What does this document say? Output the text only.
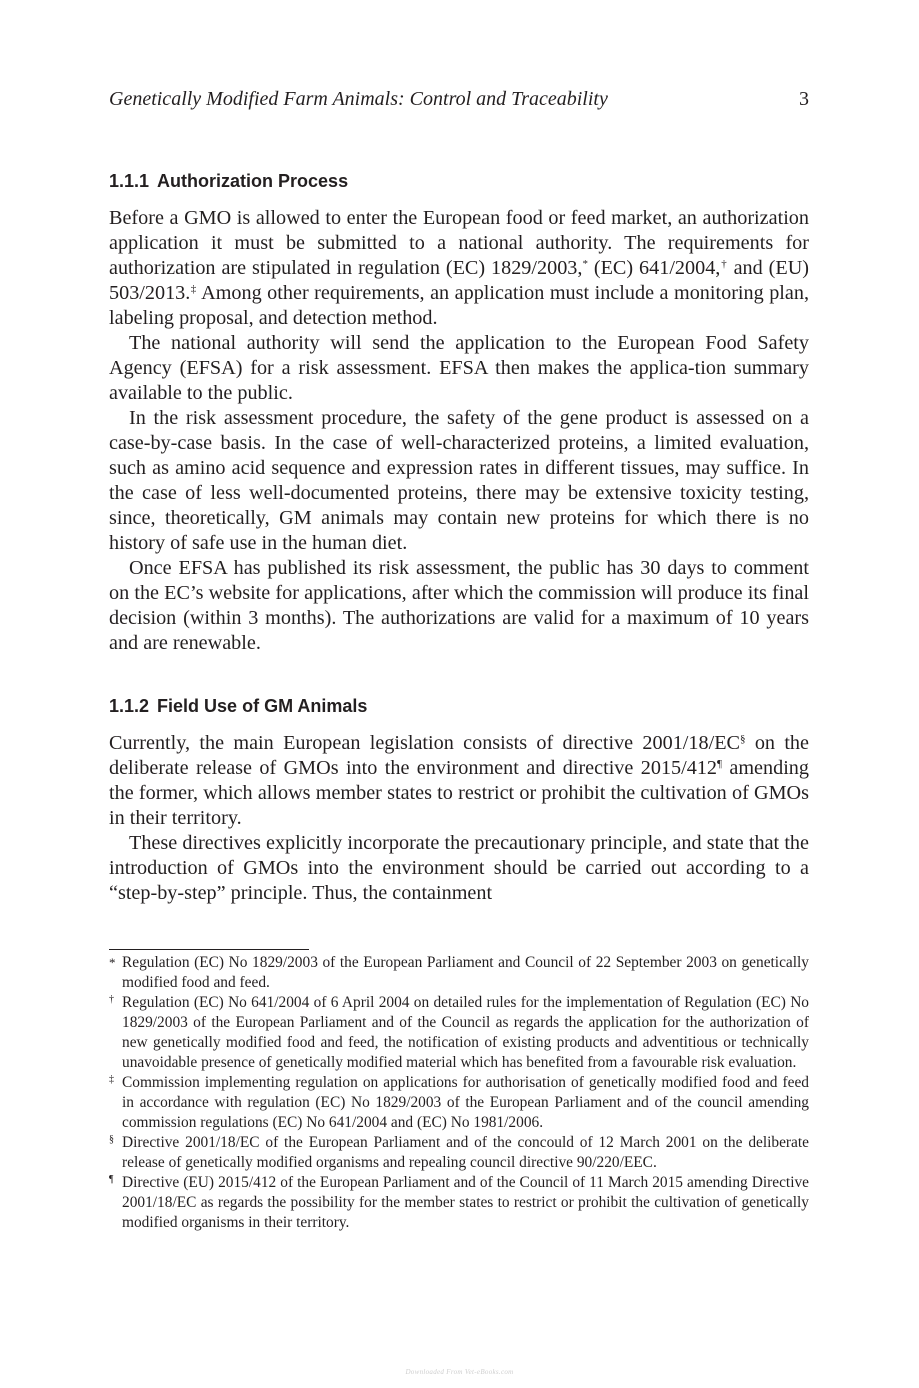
Genetically Modified Farm Animals: Control and Traceability	3
1.1.1 Authorization Process

Before a GMO is allowed to enter the European food or feed market, an authorization application it must be submitted to a national authority. The requirements for authorization are stipulated in regulation (EC) 1829/2003,* (EC) 641/2004,† and (EU) 503/2013.‡ Among other requirements, an application must include a monitoring plan, labeling proposal, and detection method.

The national authority will send the application to the European Food Safety Agency (EFSA) for a risk assessment. EFSA then makes the applica-tion summary available to the public.

In the risk assessment procedure, the safety of the gene product is assessed on a case-by-case basis. In the case of well-characterized proteins, a limited evaluation, such as amino acid sequence and expression rates in different tissues, may suffice. In the case of less well-documented proteins, there may be extensive toxicity testing, since, theoretically, GM animals may contain new proteins for which there is no history of safe use in the human diet.

Once EFSA has published its risk assessment, the public has 30 days to comment on the EC’s website for applications, after which the commission will produce its final decision (within 3 months). The authorizations are valid for a maximum of 10 years and are renewable.

1.1.2 Field Use of GM Animals

Currently, the main European legislation consists of directive 2001/18/EC§ on the deliberate release of GMOs into the environment and directive 2015/412¶ amending the former, which allows member states to restrict or prohibit the cultivation of GMOs in their territory.

These directives explicitly incorporate the precautionary principle, and state that the introduction of GMOs into the environment should be carried out according to a “step-by-step” principle. Thus, the containment

* Regulation (EC) No 1829/2003 of the European Parliament and Council of 22 September 2003 on genetically modified food and feed.
† Regulation (EC) No 641/2004 of 6 April 2004 on detailed rules for the implementation of Regulation (EC) No 1829/2003 of the European Parliament and of the Council as regards the application for the authorization of new genetically modified food and feed, the notification of existing products and adventitious or technically unavoidable presence of genetically modified material which has benefited from a favourable risk evaluation.
‡ Commission implementing regulation on applications for authorisation of genetically modified food and feed in accordance with regulation (EC) No 1829/2003 of the European Parliament and of the council amending commission regulations (EC) No 641/2004 and (EC) No 1981/2006.
§ Directive 2001/18/EC of the European Parliament and of the concould of 12 March 2001 on the deliberate release of genetically modified organisms and repealing council directive 90/220/EEC.
¶ Directive (EU) 2015/412 of the European Parliament and of the Council of 11 March 2015 amending Directive 2001/18/EC as regards the possibility for the member states to restrict or prohibit the cultivation of genetically modified organisms in their territory.
Downloaded From Vet-eBooks.com
